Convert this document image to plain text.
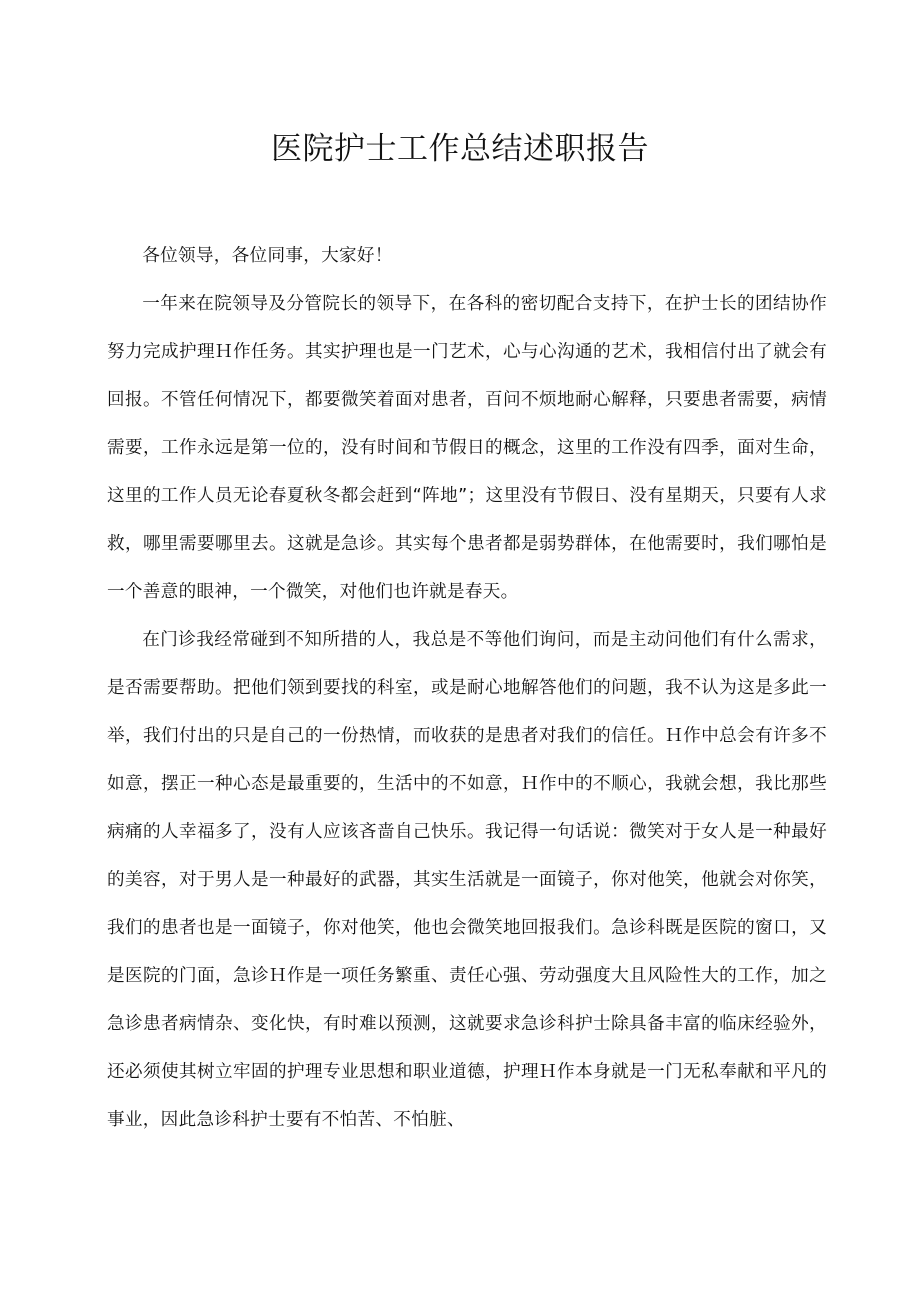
医院护士工作总结述职报告

各位领导，各位同事，大家好！

一年来在院领导及分管院长的领导下，在各科的密切配合支持下，在护士长的团结协作努力完成护理Ｈ作任务。其实护理也是一门艺术，心与心沟通的艺术，我相信付出了就会有回报。不管任何情况下，都要微笑着面对患者，百问不烦地耐心解释，只要患者需要，病情需要，工作永远是第一位的，没有时间和节假日的概念，这里的工作没有四季，面对生命，这里的工作人员无论春夏秋冬都会赶到“阵地”；这里没有节假日、没有星期天，只要有人求救，哪里需要哪里去。这就是急诊。其实每个患者都是弱势群体，在他需要时，我们哪怕是一个善意的眼神，一个微笑，对他们也许就是春天。

在门诊我经常碰到不知所措的人，我总是不等他们询问，而是主动问他们有什么需求，是否需要帮助。把他们领到要找的科室，或是耐心地解答他们的问题，我不认为这是多此一举，我们付出的只是自己的一份热情，而收获的是患者对我们的信任。Ｈ作中总会有许多不如意，摆正一种心态是最重要的，生活中的不如意，Ｈ作中的不顺心，我就会想，我比那些病痛的人幸福多了，没有人应该吝啬自己快乐。我记得一句话说：微笑对于女人是一种最好的美容，对于男人是一种最好的武器，其实生活就是一面镜子，你对他笑，他就会对你笑，我们的患者也是一面镜子，你对他笑，他也会微笑地回报我们。急诊科既是医院的窗口，又是医院的门面，急诊Ｈ作是一项任务繁重、责任心强、劳动强度大且风险性大的工作，加之急诊患者病情杂、变化快，有时难以预测，这就要求急诊科护士除具备丰富的临床经验外，还必须使其树立牢固的护理专业思想和职业道德，护理Ｈ作本身就是一门无私奉献和平凡的事业，因此急诊科护士要有不怕苦、不怕脏、
